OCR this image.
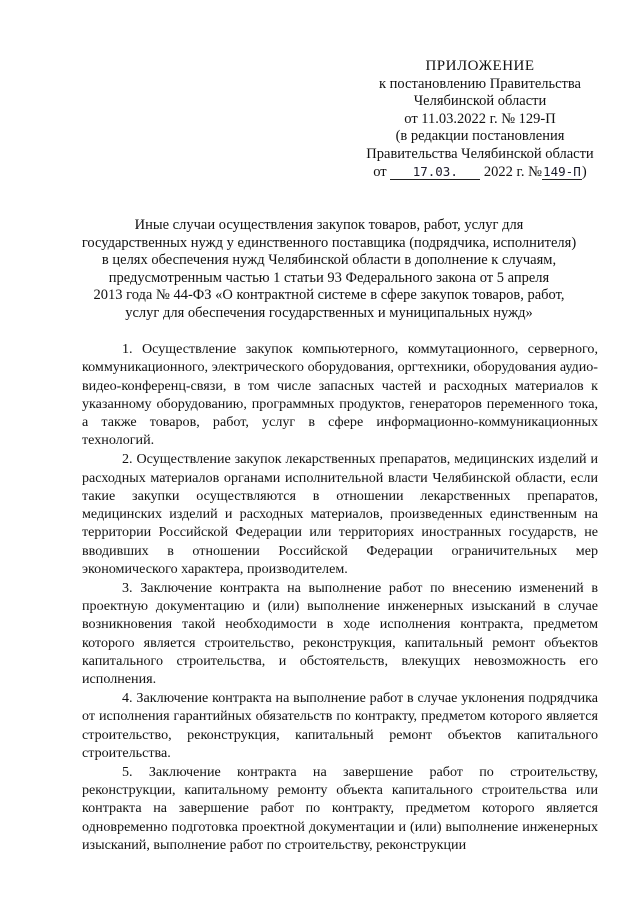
ПРИЛОЖЕНИЕ
к постановлению Правительства
Челябинской области
от 11.03.2022 г. № 129-П
(в редакции постановления
Правительства Челябинской области
от 17.03. 2022 г. №149-П)
Иные случаи осуществления закупок товаров, работ, услуг для
государственных нужд у единственного поставщика (подрядчика, исполнителя)
в целях обеспечения нужд Челябинской области в дополнение к случаям,
предусмотренным частью 1 статьи 93 Федерального закона от 5 апреля
2013 года № 44-ФЗ «О контрактной системе в сфере закупок товаров, работ,
услуг для обеспечения государственных и муниципальных нужд»

1. Осуществление закупок компьютерного, коммутационного, серверного, коммуникационного, электрического оборудования, оргтехники, оборудования аудио-видео-конференц-связи, в том числе запасных частей и расходных материалов к указанному оборудованию, программных продуктов, генераторов переменного тока, а также товаров, работ, услуг в сфере информационно-коммуникационных технологий.

2. Осуществление закупок лекарственных препаратов, медицинских изделий и расходных материалов органами исполнительной власти Челябинской области, если такие закупки осуществляются в отношении лекарственных препаратов, медицинских изделий и расходных материалов, произведенных единственным на территории Российской Федерации или территориях иностранных государств, не вводивших в отношении Российской Федерации ограничительных мер экономического характера, производителем.

3. Заключение контракта на выполнение работ по внесению изменений в проектную документацию и (или) выполнение инженерных изысканий в случае возникновения такой необходимости в ходе исполнения контракта, предметом которого является строительство, реконструкция, капитальный ремонт объектов капитального строительства, и обстоятельств, влекущих невозможность его исполнения.

4. Заключение контракта на выполнение работ в случае уклонения подрядчика от исполнения гарантийных обязательств по контракту, предметом которого является строительство, реконструкция, капитальный ремонт объектов капитального строительства.

5. Заключение контракта на завершение работ по строительству, реконструкции, капитальному ремонту объекта капитального строительства или контракта на завершение работ по контракту, предметом которого является одновременно подготовка проектной документации и (или) выполнение инженерных изысканий, выполнение работ по строительству, реконструкции
